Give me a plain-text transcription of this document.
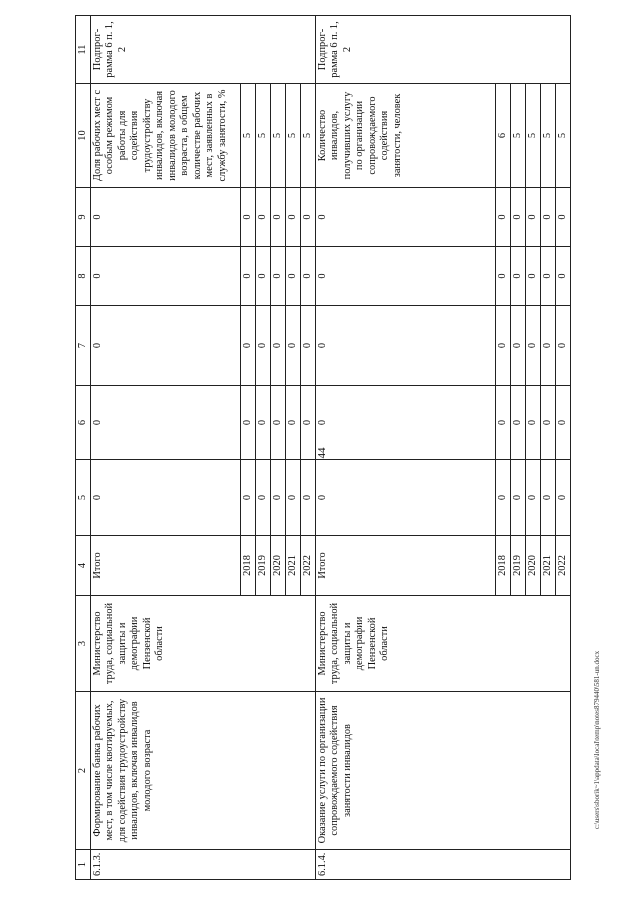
44
c:\users\sborik~1\appdata\local\temp\notes879440\581-un.docx
1	2	3	4	5	6	7	8	9	10	11
6.1.3.	Формирование банка рабочих мест, в том числе квотируемых, для содействия трудоустройству инвалидов, включая инвалидов молодого возраста	Министерство труда, социальной защиты и демографии Пензенской области	Итого	0	0	0	0	0	Доля рабочих мест с особым режимом работы для содействия трудоустройству инвалидов, включая инвалидов молодого возраста, в общем количестве рабочих мест, заявленных в службу занятости, %	Подпрог-рамма 6 п. 1, 2
			2018	0	0	0	0	0	5	
			2019	0	0	0	0	0	5	
			2020	0	0	0	0	0	5	
			2021	0	0	0	0	0	5	
			2022	0	0	0	0	0	5	
6.1.4.	Оказание услуги по организации сопровождаемого содействия занятости инвалидов	Министерство труда, социальной защиты и демографии Пензенской области	Итого	0	0	0	0	0	Количество инвалидов, получивших услугу по организации сопровождаемого содействия занятости, человек	Подпрог-рамма 6 п. 1, 2
			2018	0	0	0	0	0	6	
			2019	0	0	0	0	0	5	
			2020	0	0	0	0	0	5	
			2021	0	0	0	0	0	5	
			2022	0	0	0	0	0	5	
